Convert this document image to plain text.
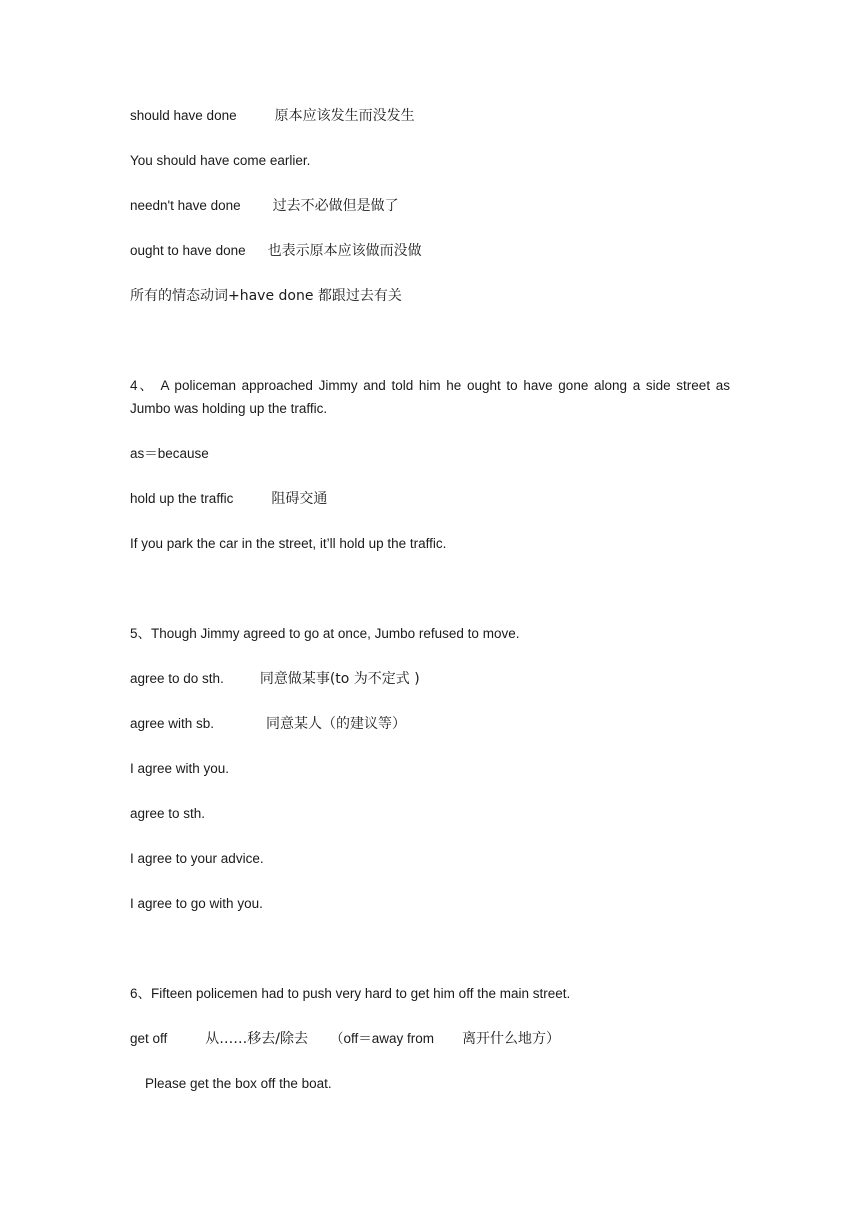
should have done	原本应该发生而没发生
You should have come earlier.
needn't have done 过去不必做但是做了
ought to have done 也表示原本应该做而没做
所有的情态动词+have done 都跟过去有关
4、 A policeman approached Jimmy and told him he ought to have gone along a side street as Jumbo was holding up the traffic.
as＝because
hold up the traffic	阻碍交通
If you park the car in the street, it’ll hold up the traffic.
5、Though Jimmy agreed to go at once, Jumbo refused to move.
agree to do sth.	同意做某事(to 为不定式 )
agree with sb.	同意某人（的建议等）
I agree with you.
agree to sth.
I agree to your advice.
I agree to go with you.
6、Fifteen policemen had to push very hard to get him off the main street.
get off	从……移去/除去 （off＝away from 离开什么地方）
Please get the box off the boat.
